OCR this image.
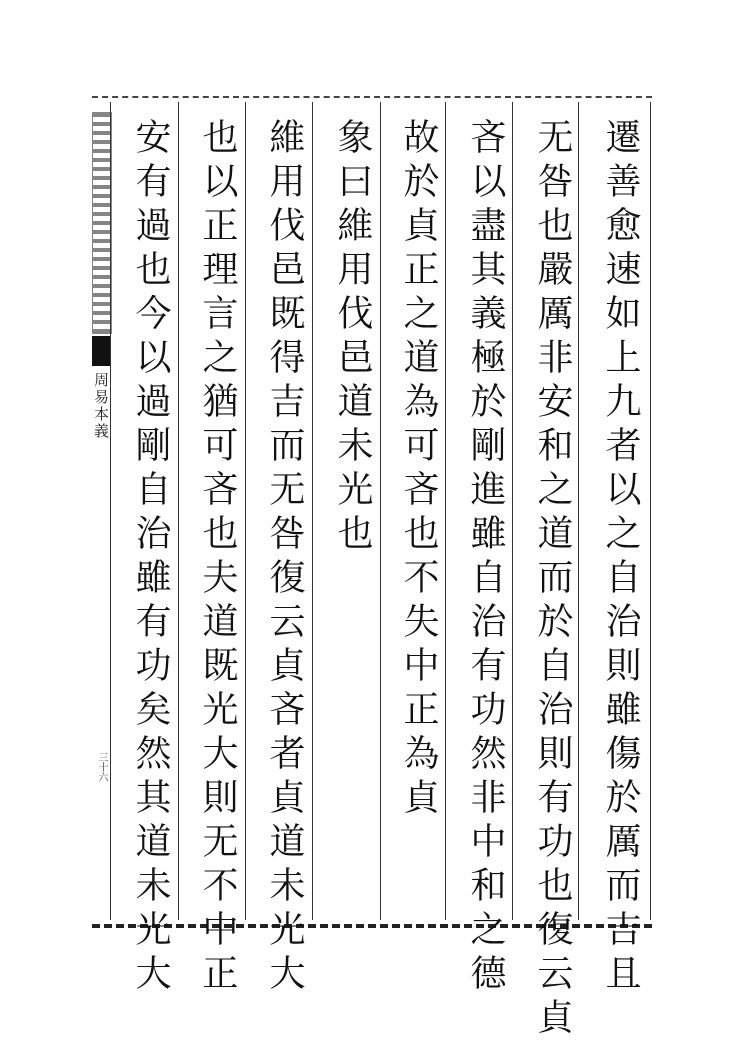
周易本義
三十六	遷善愈速如上九者以之自治則雖傷於厲而吉且
无咎也嚴厲非安和之道而於自治則有功也復云貞
吝以盡其義極於剛進雖自治有功然非中和之德
故於貞正之道為可吝也不失中正為貞
象曰維用伐邑道未光也
維用伐邑既得吉而无咎復云貞吝者貞道未光大
也以正理言之猶可吝也夫道既光大則无不中正
安有過也今以過剛自治雖有功矣然其道未光大
